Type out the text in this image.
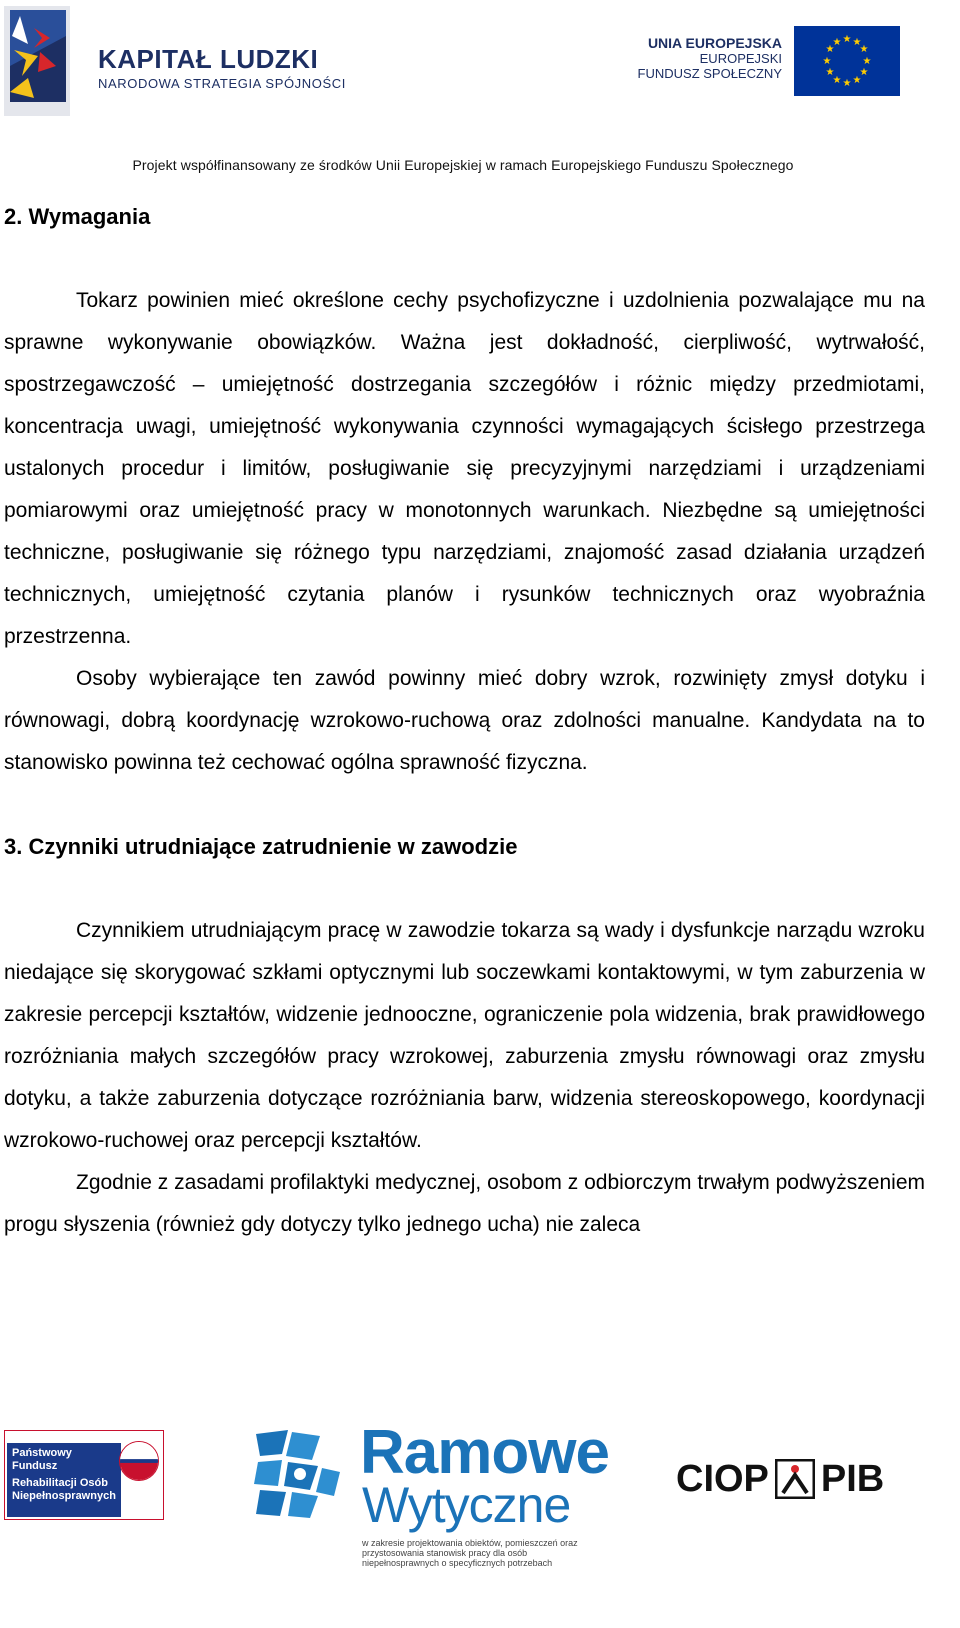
KAPITAŁ LUDZKI
NARODOWA STRATEGIA SPÓJNOŚCI
UNIA EUROPEJSKA
EUROPEJSKI
FUNDUSZ SPOŁECZNY
★ ★
★
★
★
★
★
★
★
★
★
★
Projekt współfinansowany ze środków Unii Europejskiej w ramach Europejskiego Funduszu Społecznego

2. Wymagania

Tokarz powinien mieć określone cechy psychofizyczne i uzdolnienia pozwalające mu na sprawne wykonywanie obowiązków. Ważna jest dokładność, cierpliwość, wytrwałość, spostrzegawczość – umiejętność dostrzegania szczegółów i różnic między przedmiotami, koncentracja uwagi, umiejętność wykonywania czynności wymagających ścisłego przestrzega ustalonych procedur i limitów, posługiwanie się precyzyjnymi narzędziami i urządzeniami pomiarowymi oraz umiejętność pracy w monotonnych warunkach. Niezbędne są umiejętności techniczne, posługiwanie się różnego typu narzędziami, znajomość zasad działania urządzeń technicznych, umiejętność czytania planów i rysunków technicznych oraz wyobraźnia przestrzenna.

Osoby wybierające ten zawód powinny mieć dobry wzrok, rozwinięty zmysł dotyku i równowagi, dobrą koordynację wzrokowo-ruchową oraz zdolności manualne. Kandydata na to stanowisko powinna też cechować ogólna sprawność fizyczna.

3. Czynniki utrudniające zatrudnienie w zawodzie

Czynnikiem utrudniającym pracę w zawodzie tokarza są wady i dysfunkcje narządu wzroku niedające się skorygować szkłami optycznymi lub soczewkami kontaktowymi, w tym zaburzenia w zakresie percepcji kształtów, widzenie jednooczne, ograniczenie pola widzenia, brak prawidłowego rozróżniania małych szczegółów pracy wzrokowej, zaburzenia zmysłu równowagi oraz zmysłu dotyku, a także zaburzenia dotyczące rozróżniania barw, widzenia stereoskopowego, koordynacji wzrokowo-ruchowej oraz percepcji kształtów.

Zgodnie z zasadami profilaktyki medycznej, osobom z odbiorczym trwałym podwyższeniem progu słyszenia (również gdy dotyczy tylko jednego ucha) nie zaleca

Państwowy Fundusz
Rehabilitacji Osób
Niepełnosprawnych
Ramowe
Wytyczne
w zakresie projektowania obiektów, pomieszczeń oraz przystosowania stanowisk pracy dla osób niepełnosprawnych o specyficznych potrzebach
CIOP PIB
